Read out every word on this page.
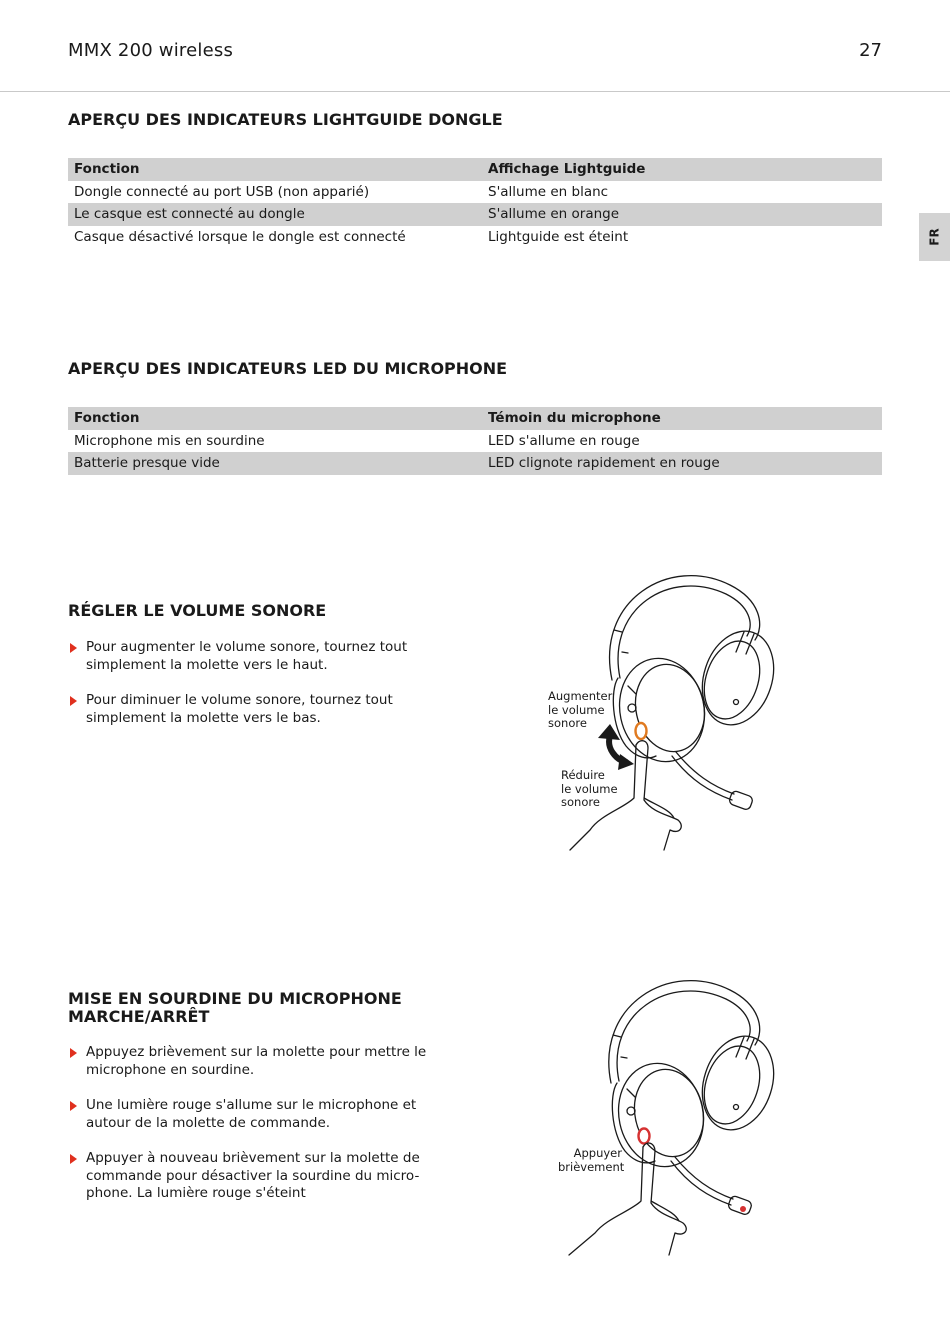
MMX 200 wireless	27
FR
APERÇU DES INDICATEURS LIGHTGUIDE DONGLE
Fonction	Affichage Lightguide
Dongle connecté au port USB (non apparié)	S'allume en blanc
Le casque est connecté au dongle	S'allume en orange
Casque désactivé lorsque le dongle est connecté	Lightguide est éteint
APERÇU DES INDICATEURS LED DU MICROPHONE
Fonction	Témoin du microphone
Microphone mis en sourdine	LED s'allume en rouge
Batterie presque vide	LED clignote rapidement en rouge
RÉGLER LE VOLUME SONORE
Pour augmenter le volume sonore, tournez tout
simplement la molette vers le haut.
Pour diminuer le volume sonore, tournez tout
simplement la molette vers le bas.
Augmenter
le volume
sonore
Réduire
le volume
sonore
MISE EN SOURDINE DU MICROPHONE
MARCHE/ARRÊT
Appuyez brièvement sur la molette pour mettre le
microphone en sourdine.
Une lumière rouge s'allume sur le microphone et
autour de la molette de commande.
Appuyer à nouveau brièvement sur la molette de
commande pour désactiver la sourdine du micro-
phone. La lumière rouge s'éteint
Appuyer
brièvement
